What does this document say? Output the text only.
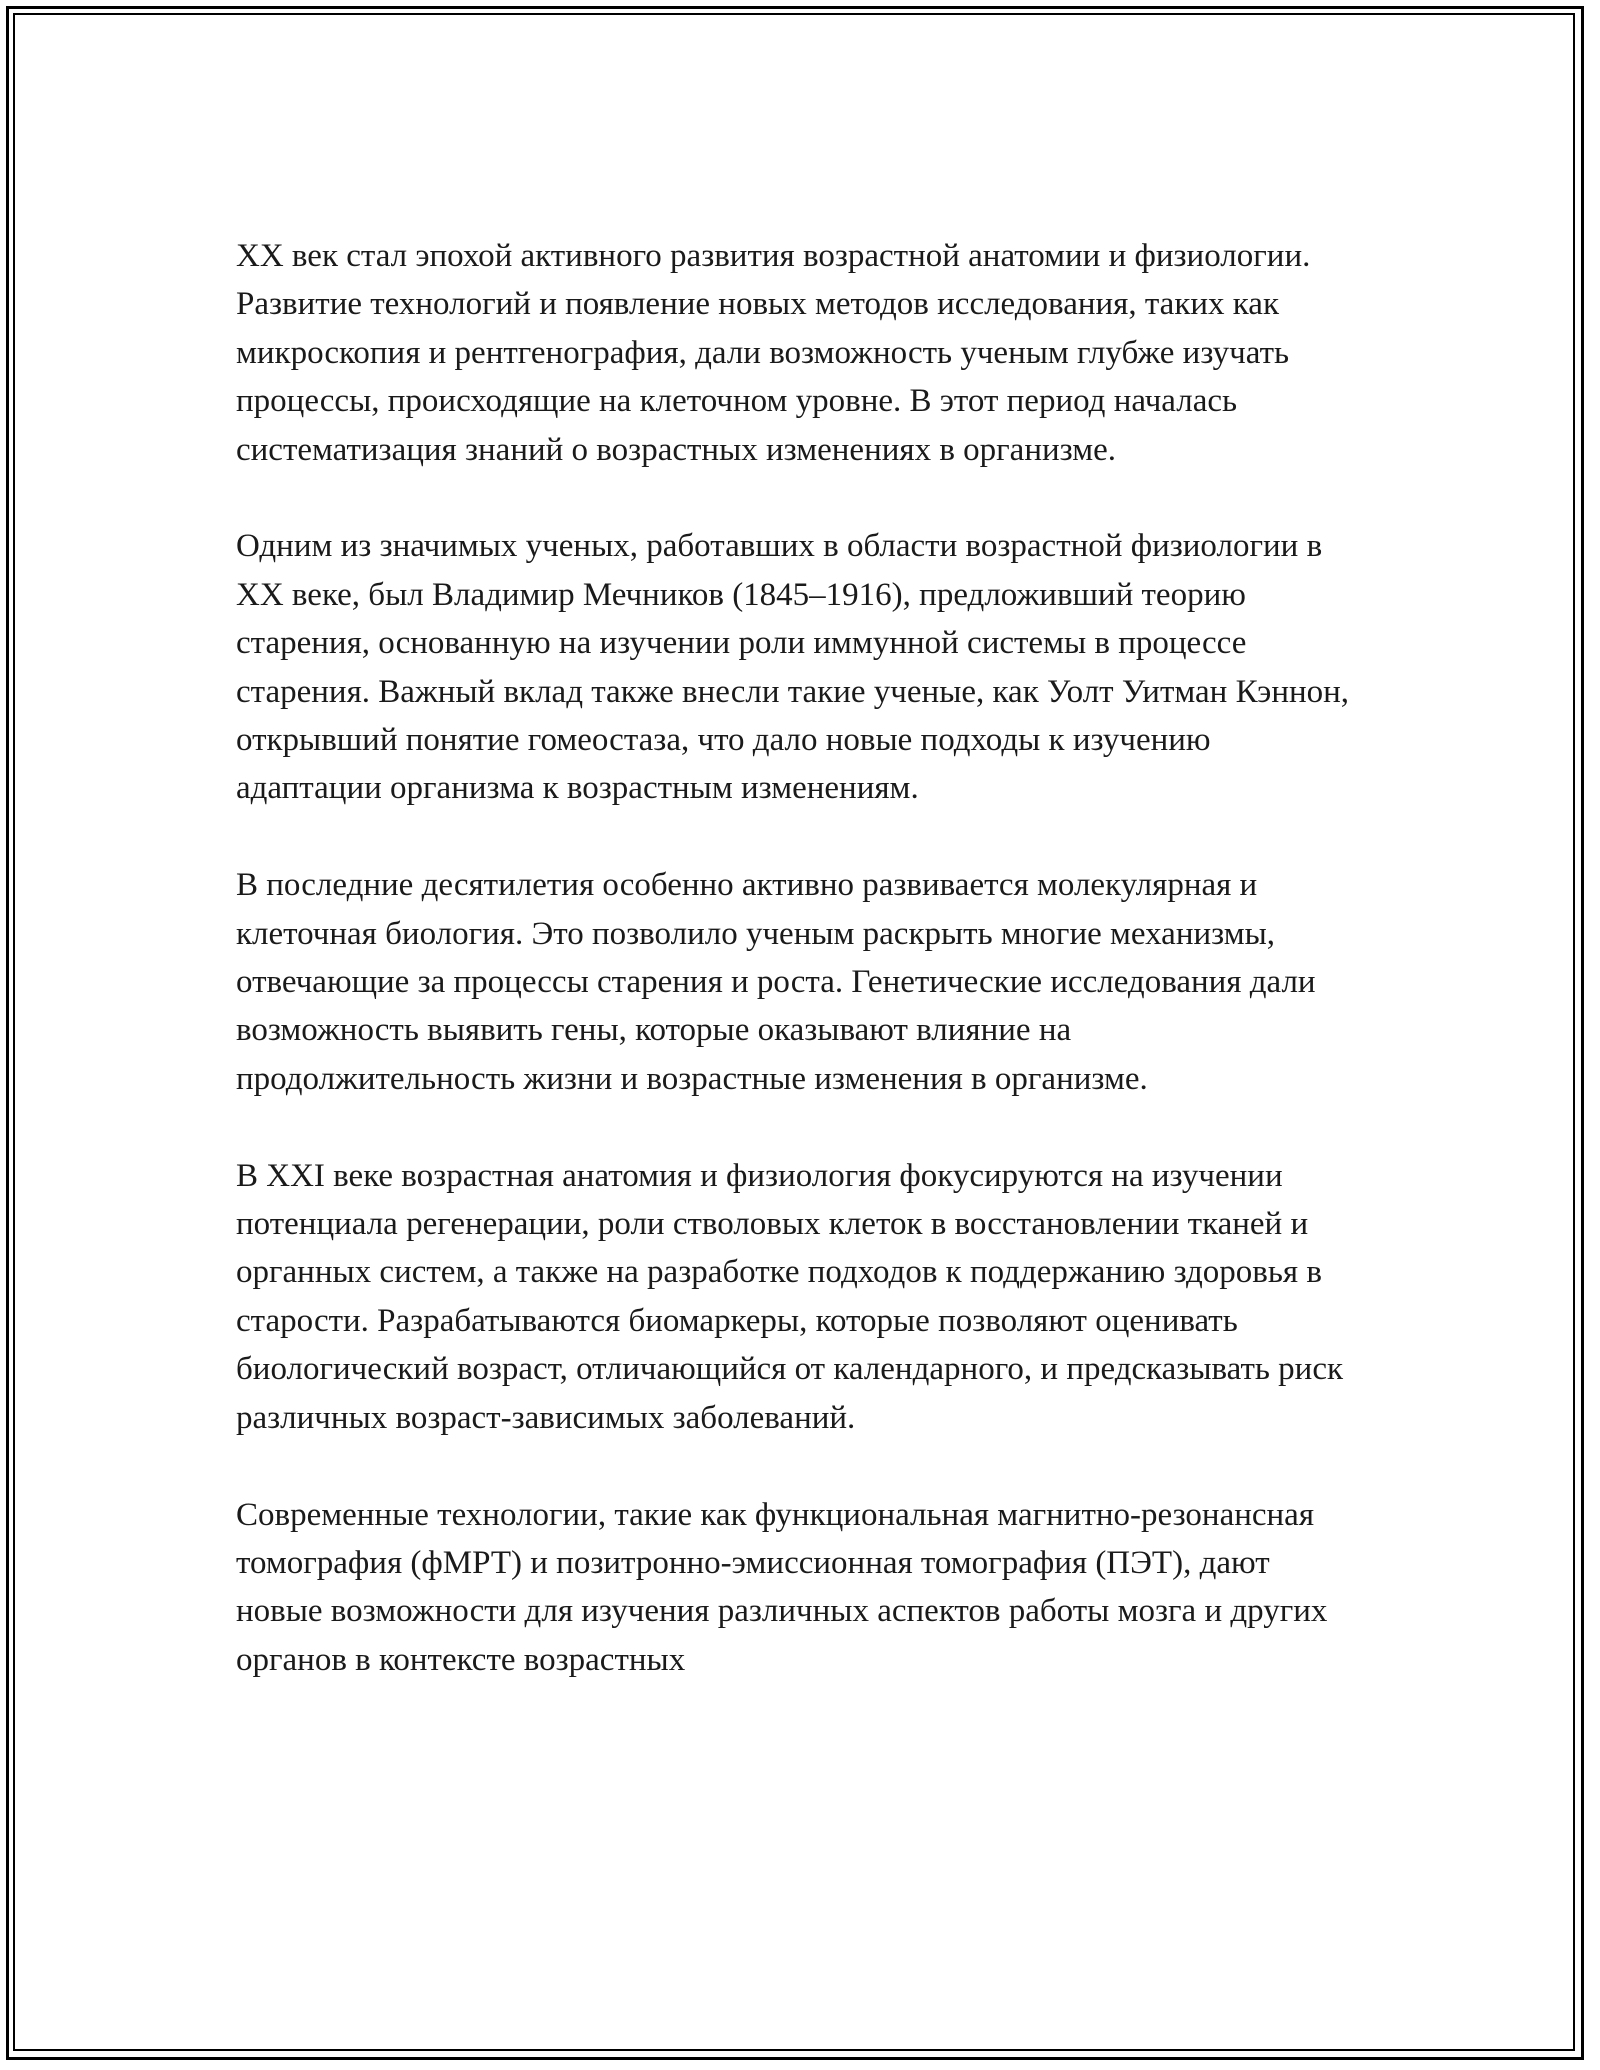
XX век стал эпохой активного развития возрастной анатомии и физиологии. Развитие технологий и появление новых методов исследования, таких как микроскопия и рентгенография, дали возможность ученым глубже изучать процессы, происходящие на клеточном уровне. В этот период началась систематизация знаний о возрастных изменениях в организме.

Одним из значимых ученых, работавших в области возрастной физиологии в XX веке, был Владимир Мечников (1845–1916), предложивший теорию старения, основанную на изучении роли иммунной системы в процессе старения. Важный вклад также внесли такие ученые, как Уолт Уитман Кэннон, открывший понятие гомеостаза, что дало новые подходы к изучению адаптации организма к возрастным изменениям.

В последние десятилетия особенно активно развивается молекулярная и клеточная биология. Это позволило ученым раскрыть многие механизмы, отвечающие за процессы старения и роста. Генетические исследования дали возможность выявить гены, которые оказывают влияние на продолжительность жизни и возрастные изменения в организме.

В XXI веке возрастная анатомия и физиология фокусируются на изучении потенциала регенерации, роли стволовых клеток в восстановлении тканей и органных систем, а также на разработке подходов к поддержанию здоровья в старости. Разрабатываются биомаркеры, которые позволяют оценивать биологический возраст, отличающийся от календарного, и предсказывать риск различных возраст-зависимых заболеваний.

Современные технологии, такие как функциональная магнитно-резонансная томография (фМРТ) и позитронно-эмиссионная томография (ПЭТ), дают новые возможности для изучения различных аспектов работы мозга и других органов в контексте возрастных
